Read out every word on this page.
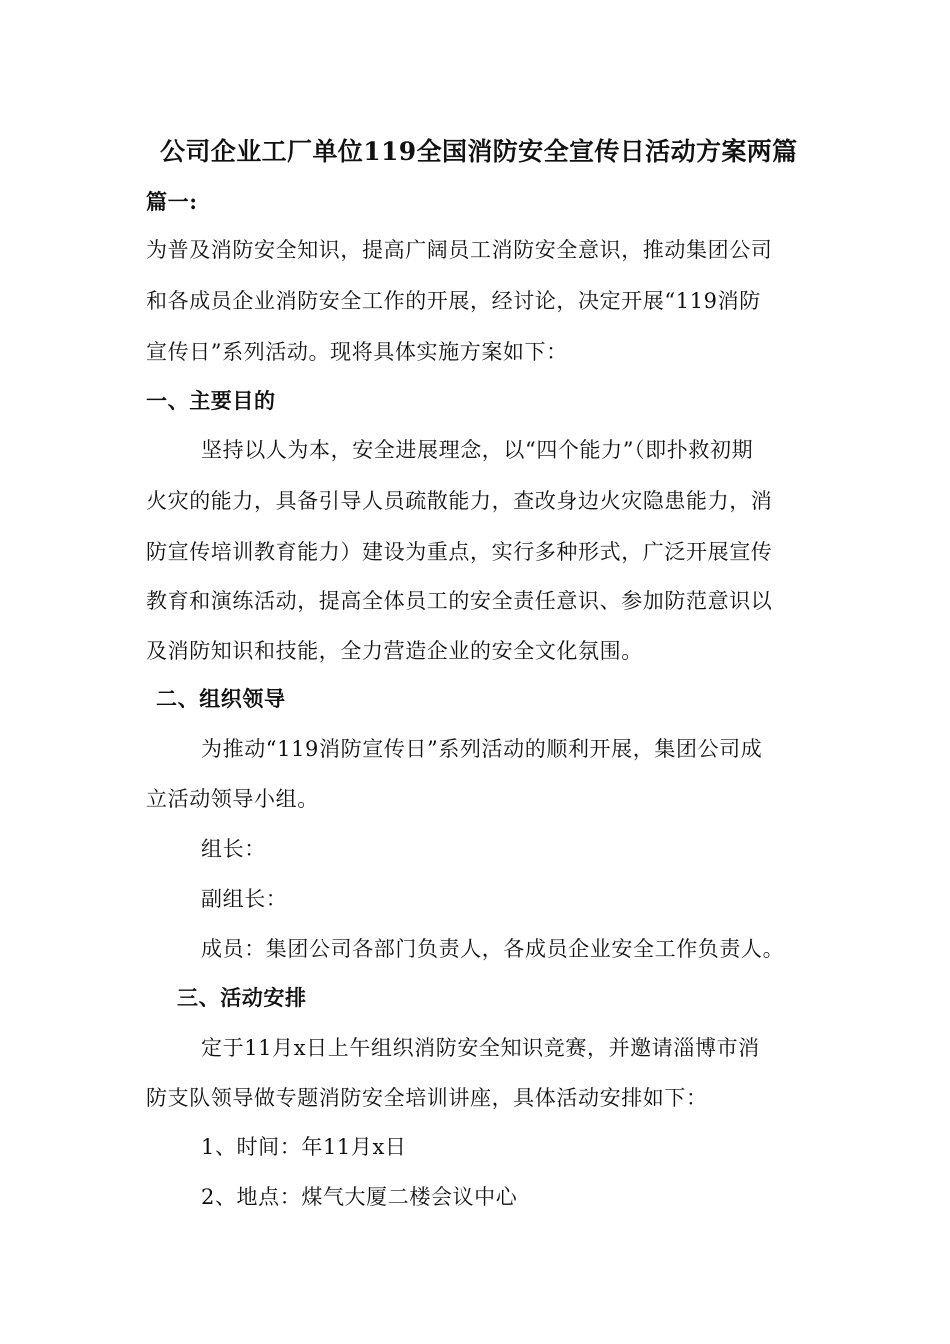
公司企业工厂单位119全国消防安全宣传日活动方案两篇
篇一:
为普及消防安全知识，提高广阔员工消防安全意识，推动集团公司
和各成员企业消防安全工作的开展，经讨论，决定开展“119消防
宣传日”系列活动。现将具体实施方案如下：
一、主要目的
坚持以人为本，安全进展理念，以“四个能力”（即扑救初期
火灾的能力，具备引导人员疏散能力，查改身边火灾隐患能力，消
防宣传培训教育能力）建设为重点，实行多种形式，广泛开展宣传
教育和演练活动，提高全体员工的安全责任意识、参加防范意识以
及消防知识和技能，全力营造企业的安全文化氛围。
二、组织领导
为推动“119消防宣传日”系列活动的顺利开展，集团公司成
立活动领导小组。
组长：
副组长：
成员：集团公司各部门负责人，各成员企业安全工作负责人。
三、活动安排
定于11月x日上午组织消防安全知识竞赛，并邀请淄博市消
防支队领导做专题消防安全培训讲座，具体活动安排如下：
1、时间：年11月x日
2、地点：煤气大厦二楼会议中心
